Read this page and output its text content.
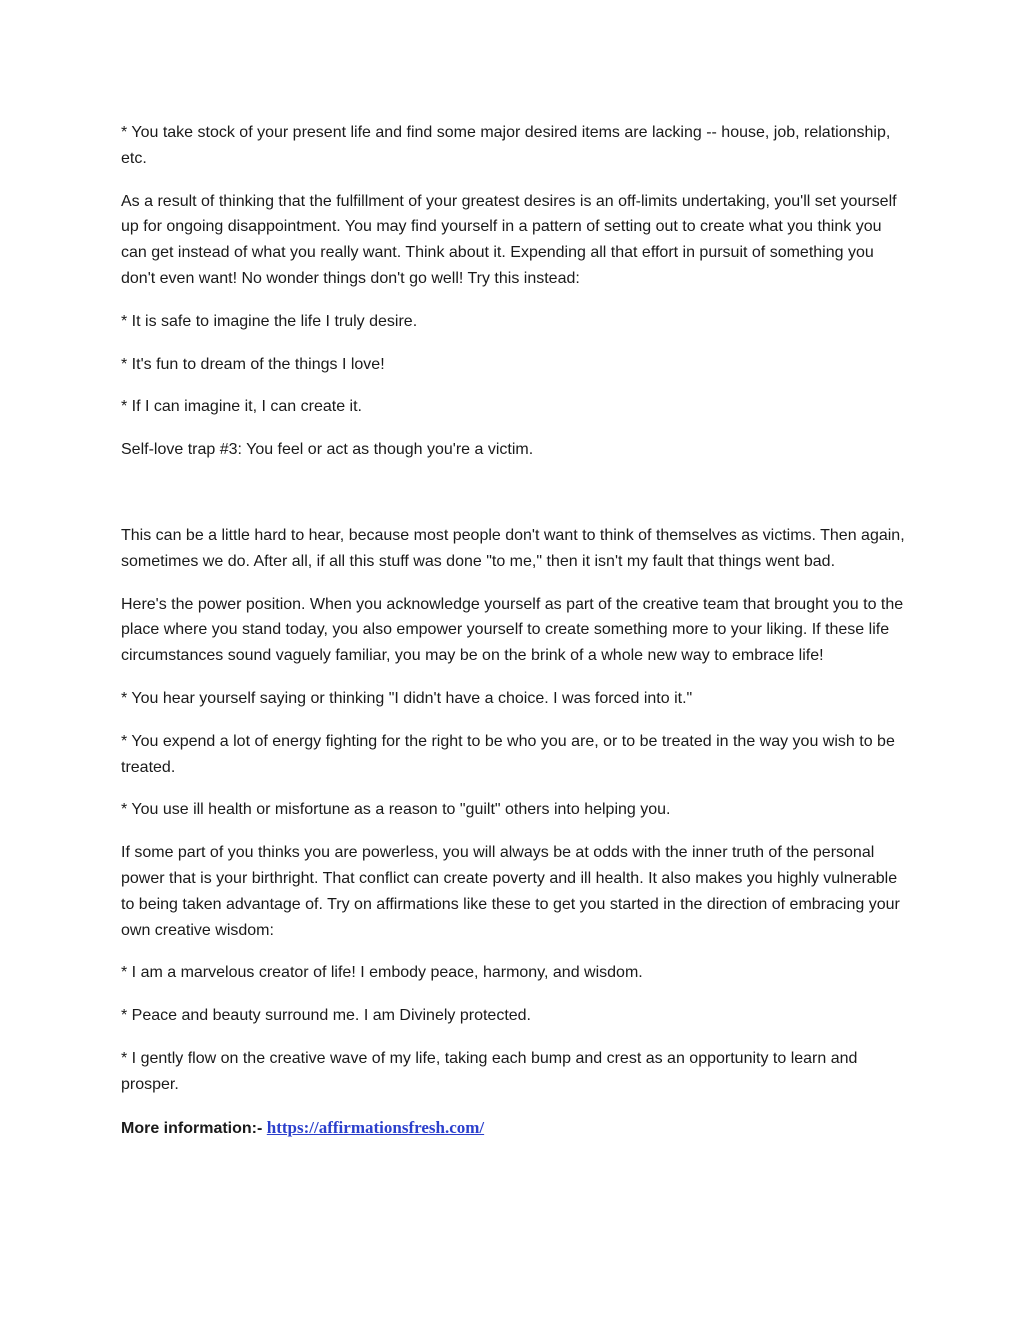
* You take stock of your present life and find some major desired items are lacking -- house, job, relationship, etc.

As a result of thinking that the fulfillment of your greatest desires is an off-limits undertaking, you'll set yourself up for ongoing disappointment. You may find yourself in a pattern of setting out to create what you think you can get instead of what you really want. Think about it. Expending all that effort in pursuit of something you don't even want! No wonder things don't go well! Try this instead:

* It is safe to imagine the life I truly desire.

* It's fun to dream of the things I love!

* If I can imagine it, I can create it.

Self-love trap #3: You feel or act as though you're a victim.

This can be a little hard to hear, because most people don't want to think of themselves as victims. Then again, sometimes we do. After all, if all this stuff was done "to me," then it isn't my fault that things went bad.

Here's the power position. When you acknowledge yourself as part of the creative team that brought you to the place where you stand today, you also empower yourself to create something more to your liking. If these life circumstances sound vaguely familiar, you may be on the brink of a whole new way to embrace life!

* You hear yourself saying or thinking "I didn't have a choice. I was forced into it."

* You expend a lot of energy fighting for the right to be who you are, or to be treated in the way you wish to be treated.

* You use ill health or misfortune as a reason to "guilt" others into helping you.

If some part of you thinks you are powerless, you will always be at odds with the inner truth of the personal power that is your birthright. That conflict can create poverty and ill health. It also makes you highly vulnerable to being taken advantage of. Try on affirmations like these to get you started in the direction of embracing your own creative wisdom:

* I am a marvelous creator of life! I embody peace, harmony, and wisdom.

* Peace and beauty surround me. I am Divinely protected.

* I gently flow on the creative wave of my life, taking each bump and crest as an opportunity to learn and prosper.

More information:- https://affirmationsfresh.com/
